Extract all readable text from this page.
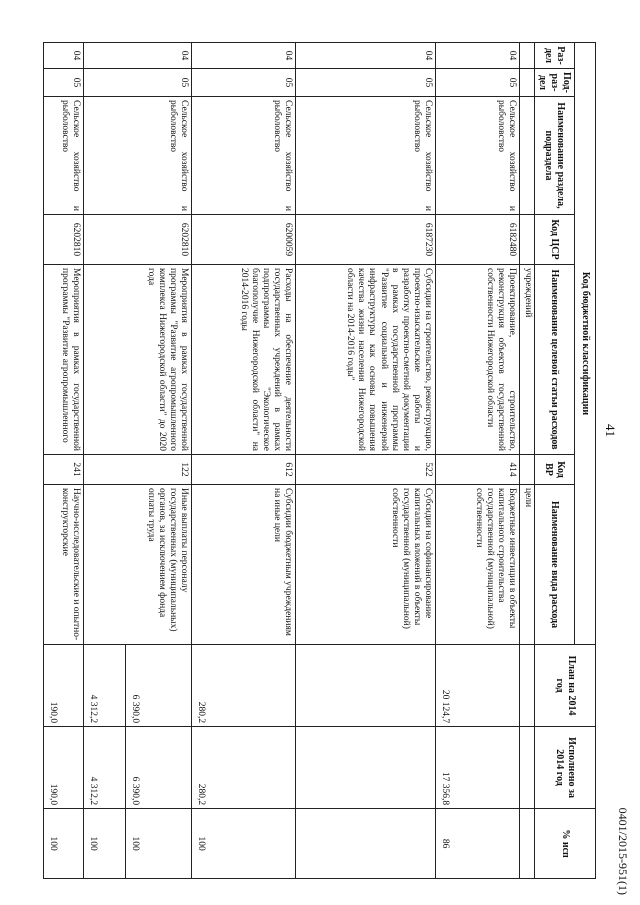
41
0401/2015-951(1)
Код бюджетной классификации							План на 2014 год	Исполнено за 2014 год	% исп
Раз-дел	Под-раз-дел	Наименование раздела, подраздела	Код ЦСР	Наименование целевой статьи расходов	Код ВР	Наименование вида расхода			
				учреждений		цели			
04	05	Сельское хозяйство и рыболовство	6182480	Проектирование, строительство, реконструкция объектов государственной собственности Нижегородской области	414	Бюджетные инвестиции в объекты капитального строительства государственной (муниципальной) собственности	20 124,7	17 356,8	86
04	05	Сельское хозяйство и рыболовство	6187230	Субсидии на строительство, реконструкцию, проектно-изыскательские работы и разработку проектно-сметной документации в рамках государственной программы "Развитие социальной и инженерной инфраструктуры как основы повышения качества жизни населения Нижегородской области на 2014-2016 годы"	522	Субсидии на софинансирование капитальных вложений в объекты государственной (муниципальной) собственности			
04	05	Сельское хозяйство и рыболовство	6200059	Расходы на обеспечение деятельности государственных учреждений в рамках подпрограммы "Экологическое благополучие Нижегородской области" на 2014-2016 годы	612	Субсидии бюджетным учреждениям на иные цели	280,2	280,2	100
04	05	Сельское хозяйство и рыболовство	6202810	Мероприятия в рамках государственной программы "Развитие агропромышленного комплекса Нижегородской области" до 2020 года	122	Иные выплаты персоналу государственных (муниципальных) органов, за исключением фонда оплаты труда	6 390,0	6 390,0	100
							4 312,2	4 312,2	100
04	05	Сельское хозяйство и рыболовство	6202810	Мероприятия в рамках государственной программы "Развитие агропромышленного	241	Научно-исследовательские и опытно-конструкторские	190,0	190,0	100
